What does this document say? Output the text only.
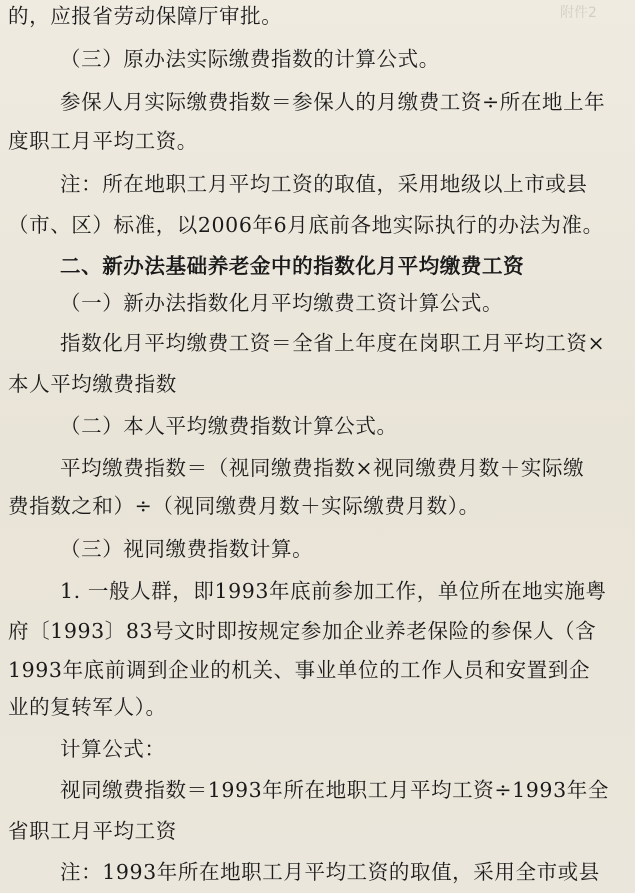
附件2
的，应报省劳动保障厅审批。
（三）原办法实际缴费指数的计算公式。
参保人月实际缴费指数＝参保人的月缴费工资÷所在地上年
度职工月平均工资。
注：所在地职工月平均工资的取值，采用地级以上市或县
（市、区）标准，以2006年6月底前各地实际执行的办法为准。
二、新办法基础养老金中的指数化月平均缴费工资
（一）新办法指数化月平均缴费工资计算公式。
指数化月平均缴费工资＝全省上年度在岗职工月平均工资×
本人平均缴费指数
（二）本人平均缴费指数计算公式。
平均缴费指数＝（视同缴费指数×视同缴费月数＋实际缴
费指数之和）÷（视同缴费月数＋实际缴费月数）。
（三）视同缴费指数计算。
1. 一般人群，即1993年底前参加工作，单位所在地实施粤
府〔1993〕83号文时即按规定参加企业养老保险的参保人（含
1993年底前调到企业的机关、事业单位的工作人员和安置到企
业的复转军人）。
计算公式：
视同缴费指数＝1993年所在地职工月平均工资÷1993年全
省职工月平均工资
注：1993年所在地职工月平均工资的取值，采用全市或县
